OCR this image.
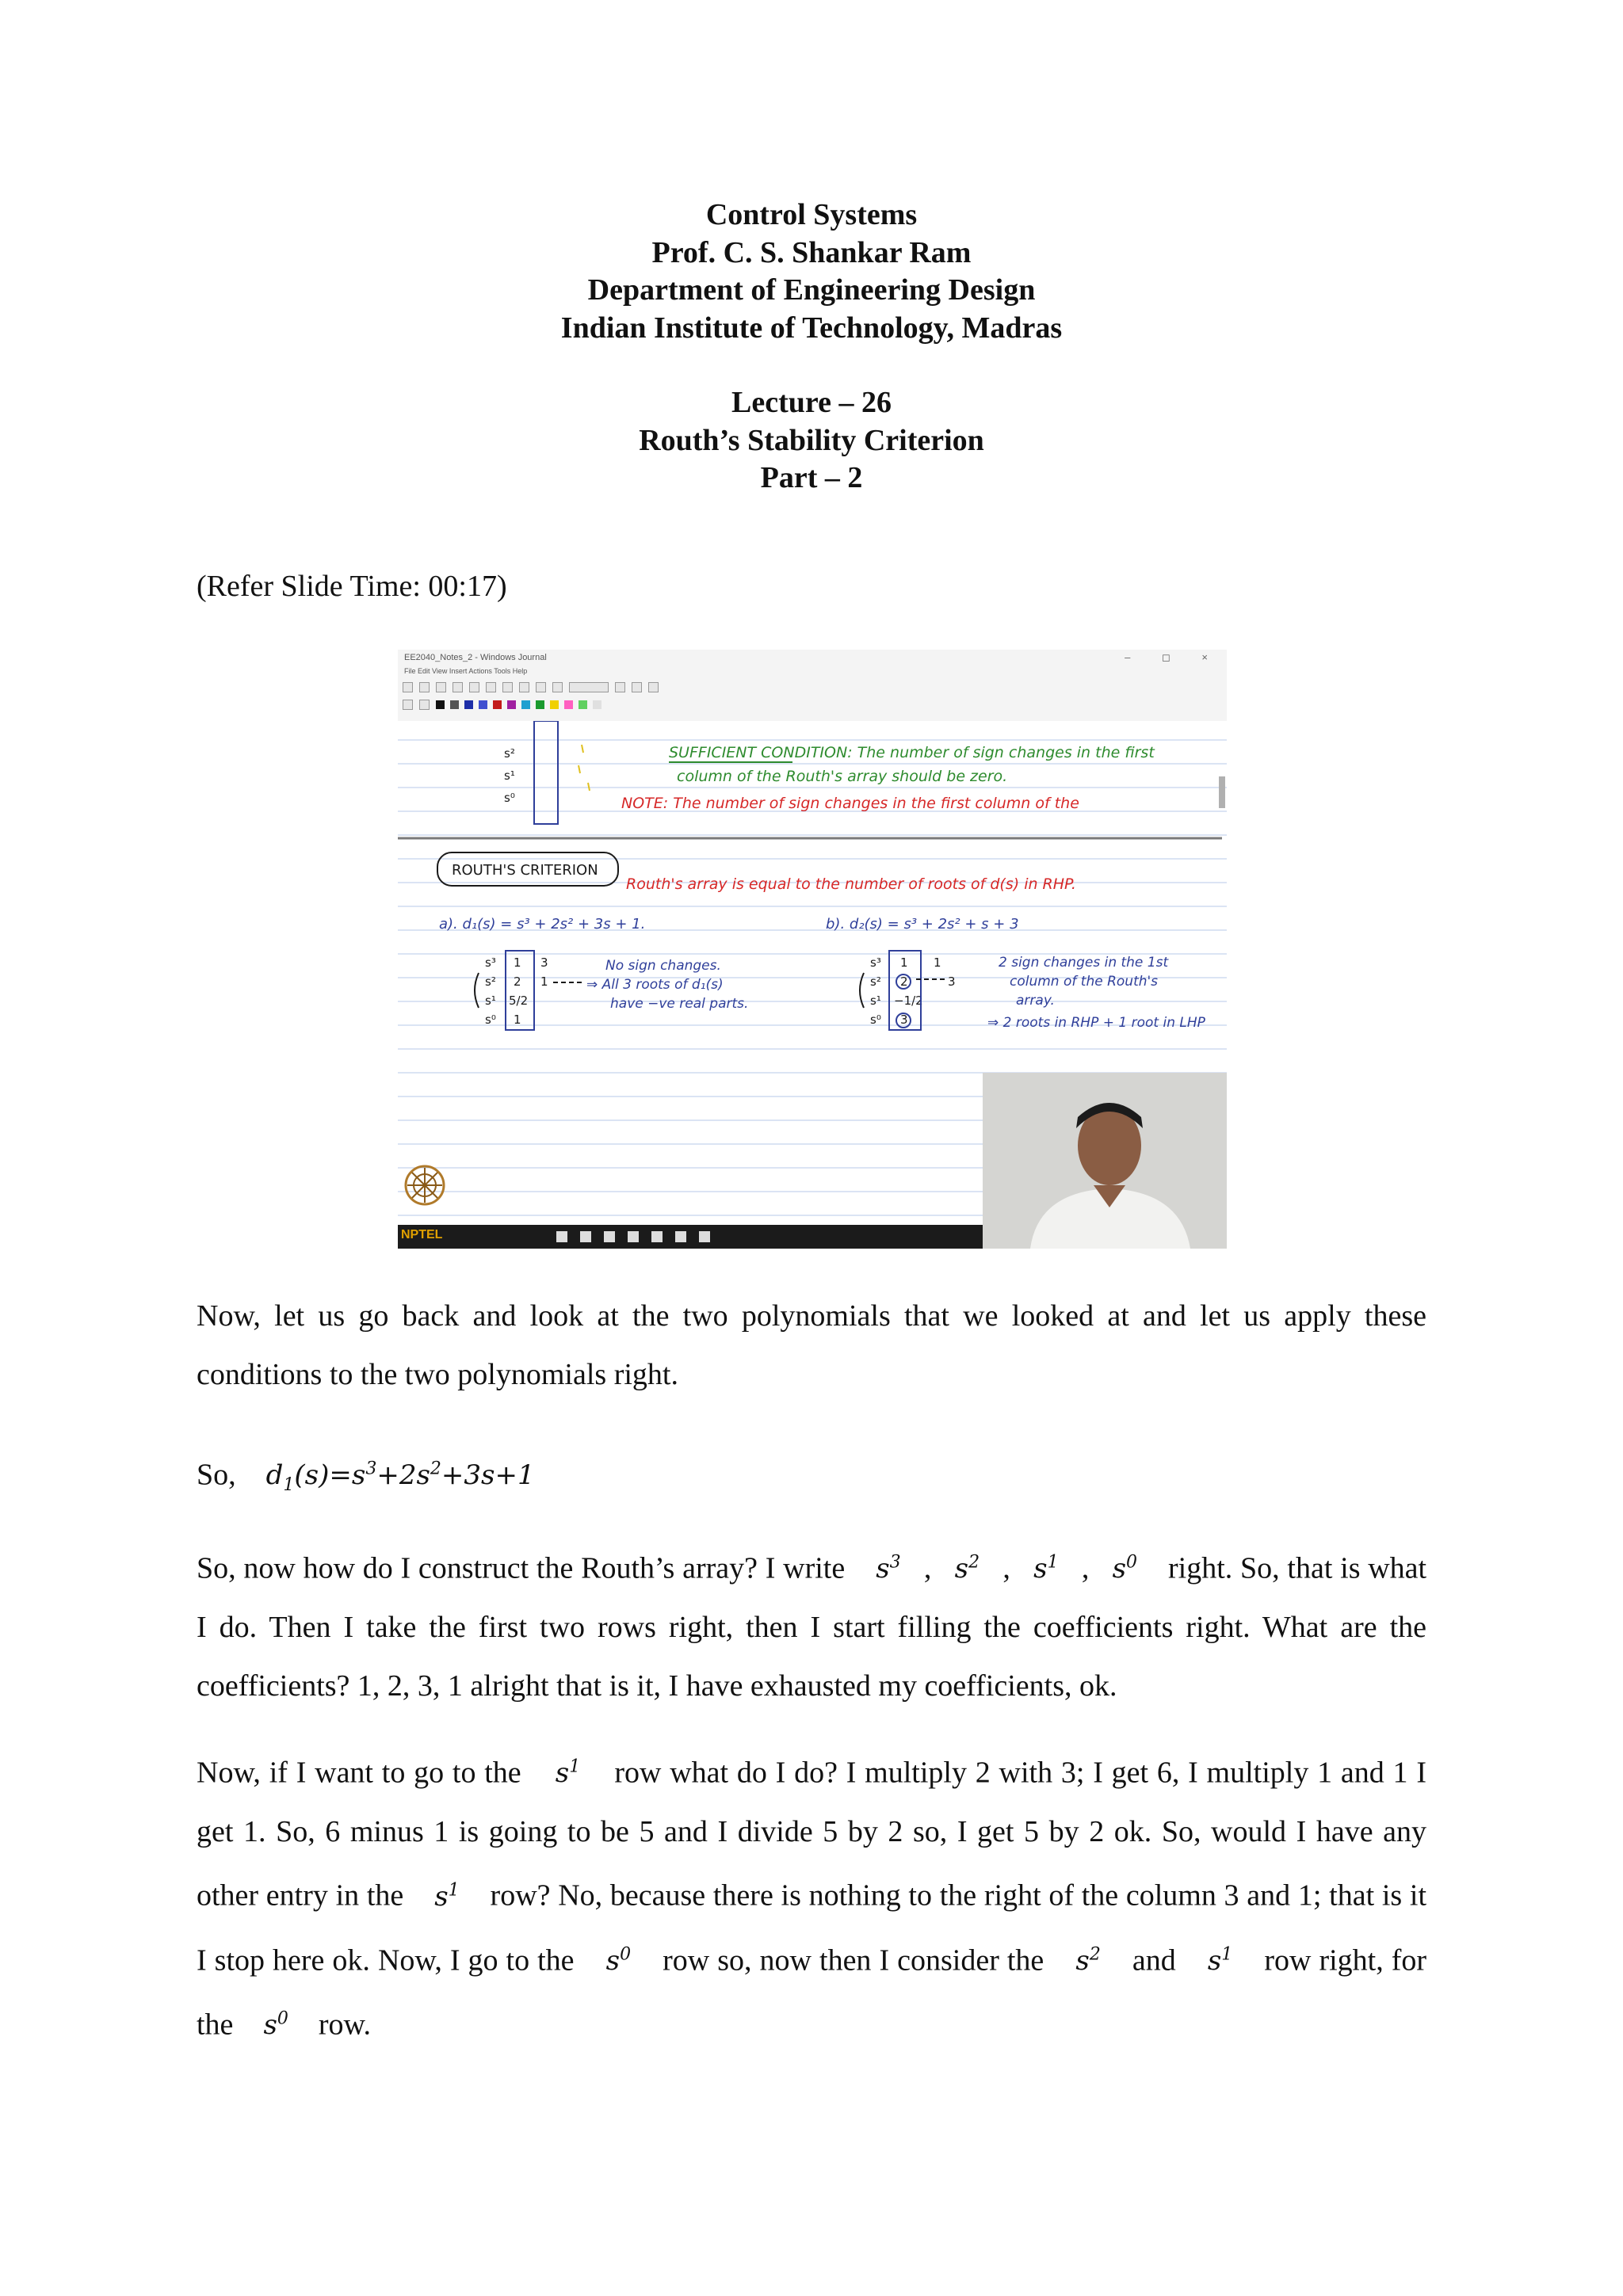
Control Systems

Prof. C. S. Shankar Ram

Department of Engineering Design

Indian Institute of Technology, Madras

Lecture – 26

Routh’s Stability Criterion

Part – 2

(Refer Slide Time: 00:17)
EE2040_Notes_2 - Windows Journal	– ◻ ×
File Edit View Insert Actions Tools Help

s²
s¹
s⁰
SUFFICIENT CONDITION: The number of sign changes in the first
column of the Routh's array should be zero.
NOTE: The number of sign changes in the first column of the
Routh's array is equal to the number of roots of d(s) in RHP.
ROUTH'S CRITERION
a). d₁(s) = s³ + 2s² + 3s + 1.	b). d₂(s) = s³ + 2s² + s + 3
s³
s²
s¹
s⁰
1
2
5/2
1
3
1
No sign changes.
⇒ All 3 roots of d₁(s)
have −ve real parts.
s³
s²
s¹
s⁰
1
2
−1/2
3
1
3
2 sign changes in the 1st
column of the Routh's
array.
⇒ 2 roots in RHP + 1 root in LHP
NPTEL

Now, let us go back and look at the two polynomials that we looked at and let us apply these conditions to the two polynomials right.

So, $d_1(s)=s^3+2s^2+3s+1$

So, now how do I construct the Routh’s array? I write $s^3$ , $s^2$ , $s^1$ , $s^0$ right. So, that is what I do. Then I take the first two rows right, then I start filling the coefficients right. What are the coefficients? 1, 2, 3, 1 alright that is it, I have exhausted my coefficients, ok.

Now, if I want to go to the $s^1$ row what do I do? I multiply 2 with 3; I get 6, I multiply 1 and 1 I get 1. So, 6 minus 1 is going to be 5 and I divide 5 by 2 so, I get 5 by 2 ok. So, would I have any other entry in the $s^1$ row? No, because there is nothing to the right of the column 3 and 1; that is it I stop here ok. Now, I go to the $s^0$ row so, now then I consider the $s^2$ and $s^1$ row right, for the $s^0$ row.
